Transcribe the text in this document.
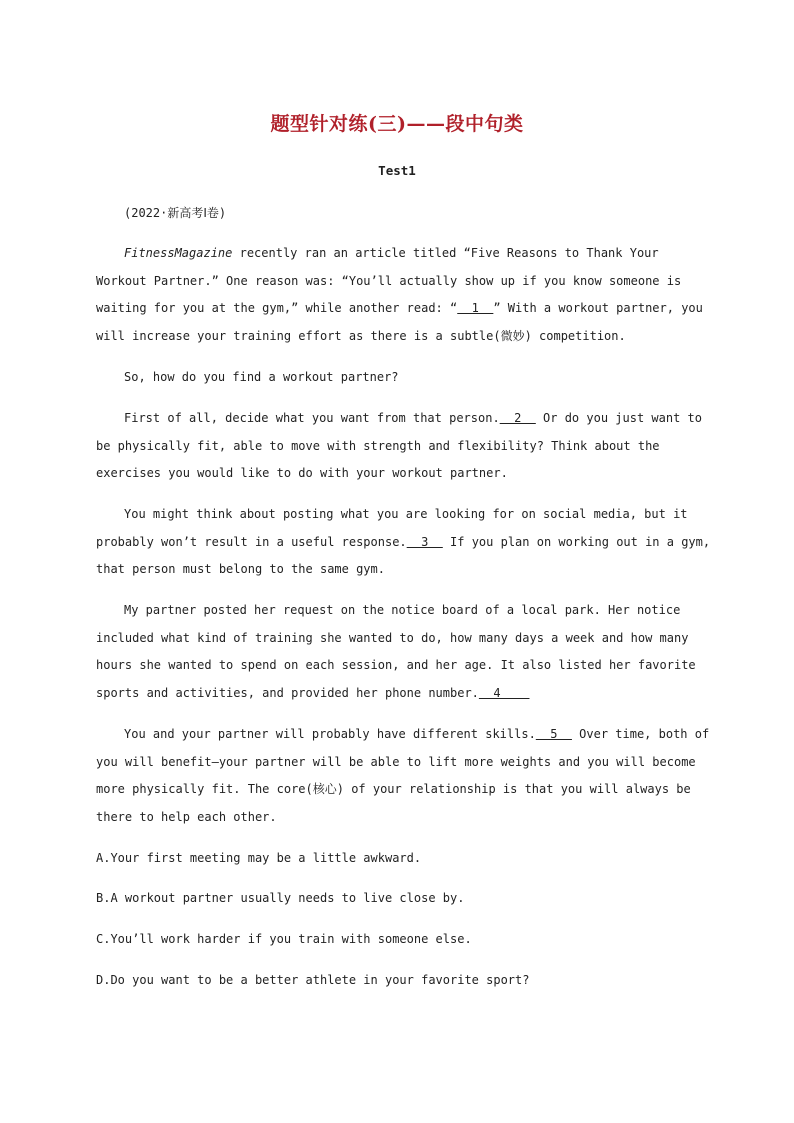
题型针对练(三)——段中句类
Test1
(2022·新高考Ⅰ卷)

FitnessMagazine recently ran an article titled “Five Reasons to Thank Your Workout Partner.” One reason was: “You’ll actually show up if you know someone is waiting for you at the gym,” while another read: “  1  ” With a workout partner, you will increase your training effort as there is a subtle(微妙) competition.

So, how do you find a workout partner?

First of all, decide what you want from that person.  2   Or do you just want to be physically fit, able to move with strength and flexibility? Think about the exercises you would like to do with your workout partner.

You might think about posting what you are looking for on social media, but it probably won’t result in a useful response.  3   If you plan on working out in a gym, that person must belong to the same gym.

My partner posted her request on the notice board of a local park. Her notice included what kind of training she wanted to do, how many days a week and how many hours she wanted to spend on each session, and her age. It also listed her favorite sports and activities, and provided her phone number.  4

You and your partner will probably have different skills.  5   Over time, both of you will benefit—your partner will be able to lift more weights and you will become more physically fit. The core(核心) of your relationship is that you will always be there to help each other.

A.Your first meeting may be a little awkward.
B.A workout partner usually needs to live close by.
C.You’ll work harder if you train with someone else.
D.Do you want to be a better athlete in your favorite sport?
